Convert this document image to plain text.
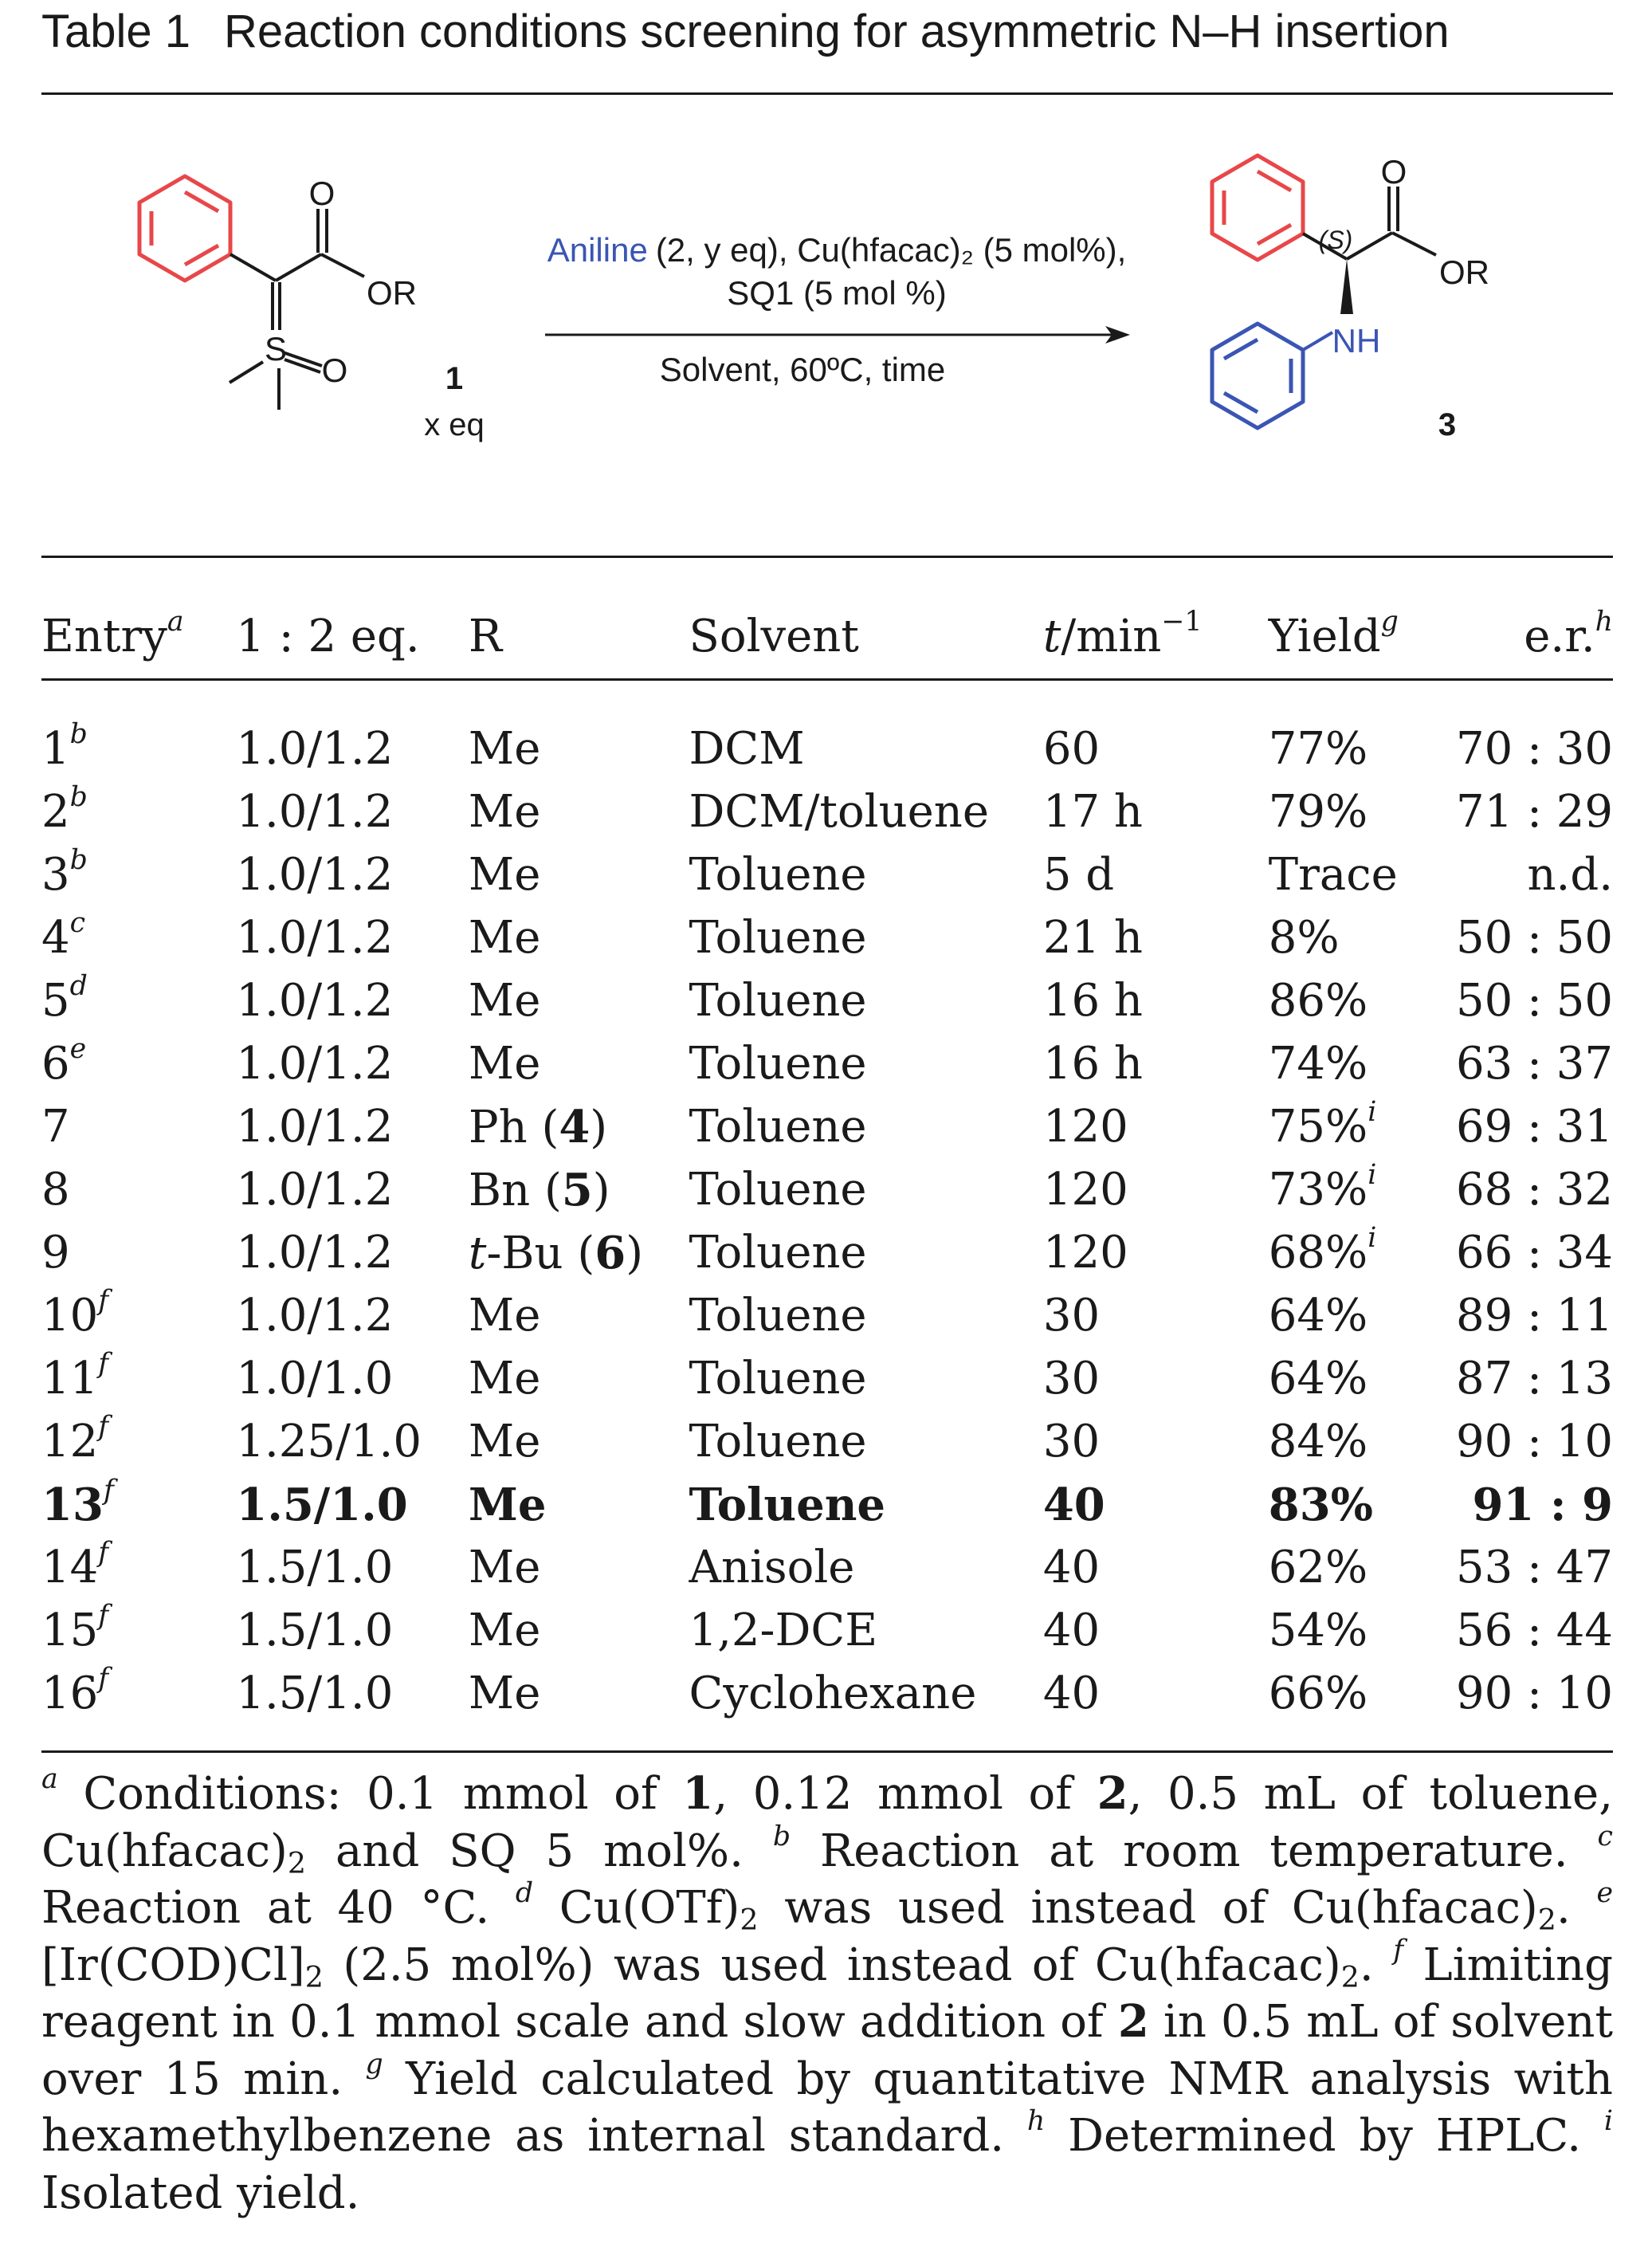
Table 1 Reaction conditions screening for asymmetric N–H insertion
O
OR
S
O	1
x eq
Aniline (2, y eq), Cu(hfacac)₂ (5 mol%),
SQ1 (5 mol %)
Solvent, 60ºC, time
O
(S)
OR
NH
3
Entry$^a$	1 : 2 eq.	R	Solvent	$t/\min^{-1}$	Yield$^g$	e.r.$^h$
1$^b$	1.0/1.2	Me	DCM	60	77%	70 : 30
2$^b$	1.0/1.2	Me	DCM/toluene	17 h	79%	71 : 29
3$^b$	1.0/1.2	Me	Toluene	5 d	Trace	n.d.
4$^c$	1.0/1.2	Me	Toluene	21 h	8%	50 : 50
5$^d$	1.0/1.2	Me	Toluene	16 h	86%	50 : 50
6e	1.0/1.2	Me	Toluene	16 h	74%	63 : 37
7	1.0/1.2	Ph (4)	Toluene	120	75%$^i$	69 : 31
8	1.0/1.2	Bn (5)	Toluene	120	73%$^i$	68 : 32
9	1.0/1.2	t-Bu (6)	Toluene	120	68%$^i$	66 : 34
10$^f$	1.0/1.2	Me	Toluene	30	64%	89 : 11
11$^f$	1.0/1.0	Me	Toluene	30	64%	87 : 13
12$^f$	1.25/1.0	Me	Toluene	30	84%	90 : 10
13$^f$	1.5/1.0	Me	Toluene	40	83%	91 : 9
14$^f$	1.5/1.0	Me	Anisole	40	62%	53 : 47
15$^f$	1.5/1.0	Me	1,2-DCE	40	54%	56 : 44
16$^f$	1.5/1.0	Me	Cyclohexane	40	66%	90 : 10
$^a$ Conditions: 0.1 mmol of 1, 0.12 mmol of 2, 0.5 mL of toluene, $Cu(hfacac)_2$ and SQ 5 mol%. $^b$ Reaction at room temperature. $^c$ Reaction at 40 °C. $^d$ $Cu(OTf)_2$ was used instead of $Cu(hfacac)_2$. $^e$ $[Ir(COD)Cl]_2$ (2.5 mol%) was used instead of $Cu(hfacac)_2$. $^f$ Limiting reagent in 0.1 mmol scale and slow addition of 2 in 0.5 mL of solvent over 15 min. $^g$ Yield calculated by quantitative NMR analysis with hexamethylbenzene as internal standard. $^h$ Determined by HPLC. $^i$ Isolated yield.
